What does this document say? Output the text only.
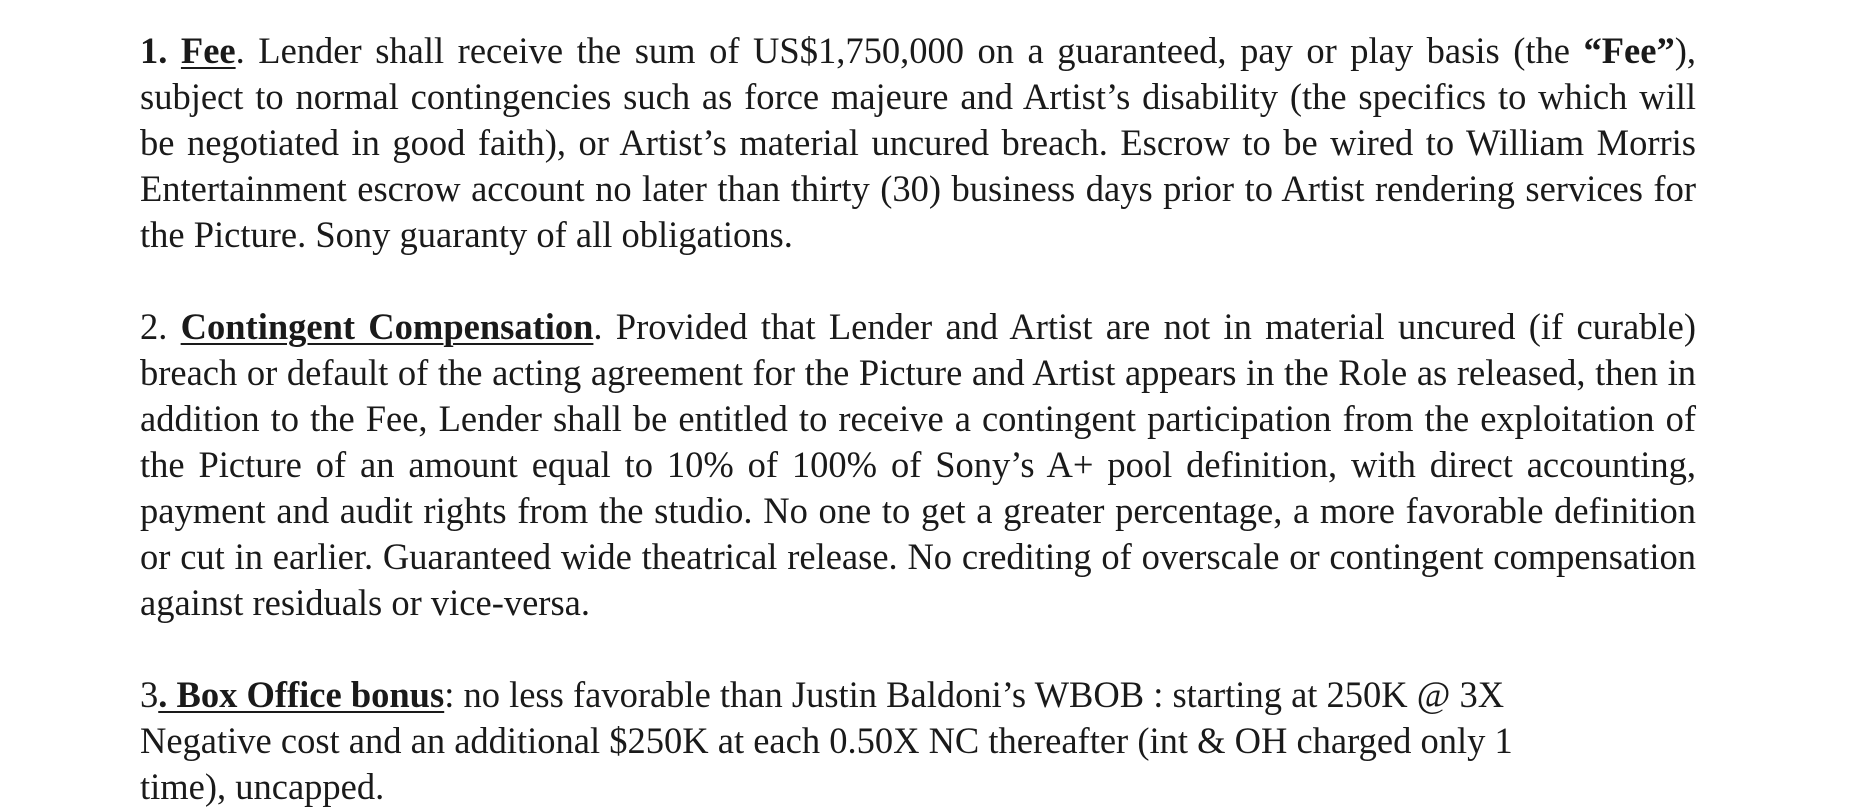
1. Fee. Lender shall receive the sum of US$1,750,000 on a guaranteed, pay or play basis (the “Fee”), subject to normal contingencies such as force majeure and Artist’s disability (the specifics to which will be negotiated in good faith), or Artist’s material uncured breach. Escrow to be wired to William Morris Entertainment escrow account no later than thirty (30) business days prior to Artist rendering services for the Picture. Sony guaranty of all obligations.

2. Contingent Compensation. Provided that Lender and Artist are not in material uncured (if curable) breach or default of the acting agreement for the Picture and Artist appears in the Role as released, then in addition to the Fee, Lender shall be entitled to receive a contingent participation from the exploitation of the Picture of an amount equal to 10% of 100% of Sony’s A+ pool definition, with direct accounting, payment and audit rights from the studio. No one to get a greater percentage, a more favorable definition or cut in earlier. Guaranteed wide theatrical release. No crediting of overscale or contingent compensation against residuals or vice-versa.

3. Box Office bonus: no less favorable than Justin Baldoni’s WBOB : starting at 250K @ 3X
Negative cost and an additional $250K at each 0.50X NC thereafter (int & OH charged only 1
time), uncapped.
